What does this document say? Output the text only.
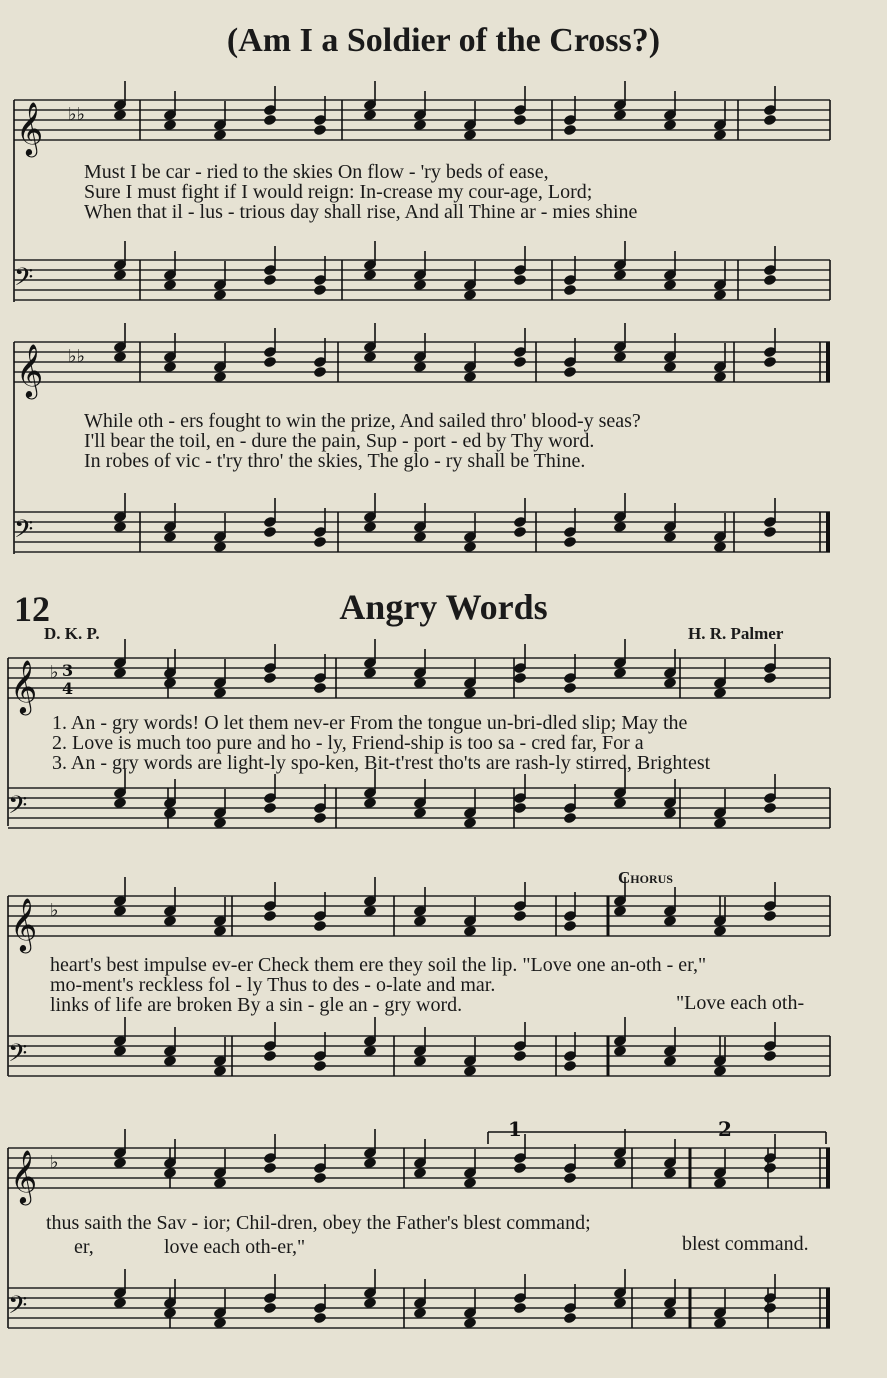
(Am I a Soldier of the Cross?)
𝄞 ♭♭
𝄢
Must I be car - ried to the skies On flow - 'ry beds of ease,
Sure I must fight if I would reign: In-crease my cour-age, Lord;
When that il - lus - trious day shall rise, And all Thine ar - mies shine
𝄞 ♭♭
𝄢
While oth - ers fought to win the prize, And sailed thro' blood-y seas?
I'll bear the toil, en - dure the pain, Sup - port - ed by Thy word.
In robes of vic - t'ry thro' the skies, The glo - ry shall be Thine.
12	Angry Words
D. K. P.	H. R. Palmer
𝄞 ♭ 3
4
𝄢
1. An - gry words! O let them nev-er From the tongue un-bri-dled slip; May the
2. Love is much too pure and ho - ly, Friend-ship is too sa - cred far, For a
3. An - gry words are light-ly spo-ken, Bit-t'rest tho'ts are rash-ly stirred, Brightest
Chorus
𝄞 ♭
𝄢
heart's best impulse ev-er Check them ere they soil the lip. "Love one an-oth - er,"
mo-ment's reckless fol - ly Thus to des - o-late and mar.
links of life are broken By a sin - gle an - gry word.	"Love each oth-
1	2
𝄞 ♭
𝄢
thus saith the Sav - ior; Chil-dren, obey the Father's blest command;
er,	love each oth-er,"	blest command.
